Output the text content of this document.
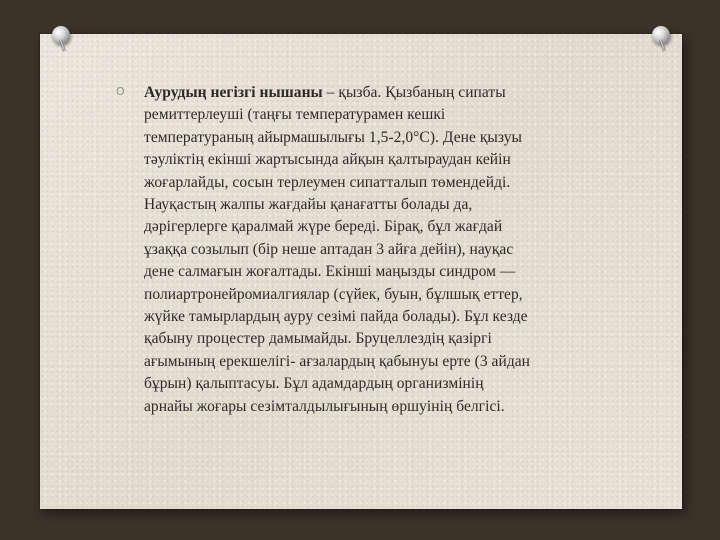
O Аурудың негізгі нышаны – қызба. Қызбаның сипаты
ремиттерлеуші (таңғы температурамен кешкі
температураның айырмашылығы 1,5-2,0°С). Дене қызуы
тәуліктің екінші жартысында айқын қалтыраудан кейін
жоғарлайды, сосын терлеумен сипатталып төмендейді.
Науқастың жалпы жағдайы қанағатты болады да,
дәрігерлерге қаралмай жүре береді. Бірақ, бұл жағдай
ұзаққа созылып (бір неше аптадан 3 айға дейін), науқас
дене салмағын жоғалтады. Екінші маңызды синдром —
полиартронейромиалгиялар (сүйек, буын, бұлшық еттер,
жүйке тамырлардың ауру сезімі пайда болады). Бұл кезде
қабыну процестер дамымайды. Бруцеллездің қазіргі
ағымының ерекшелігі- ағзалардың қабынуы ерте (3 айдан
бұрын) қалыптасуы. Бұл адамдардың организмінің
арнайы жоғары сезімталдылығының өршуінің белгісі.
